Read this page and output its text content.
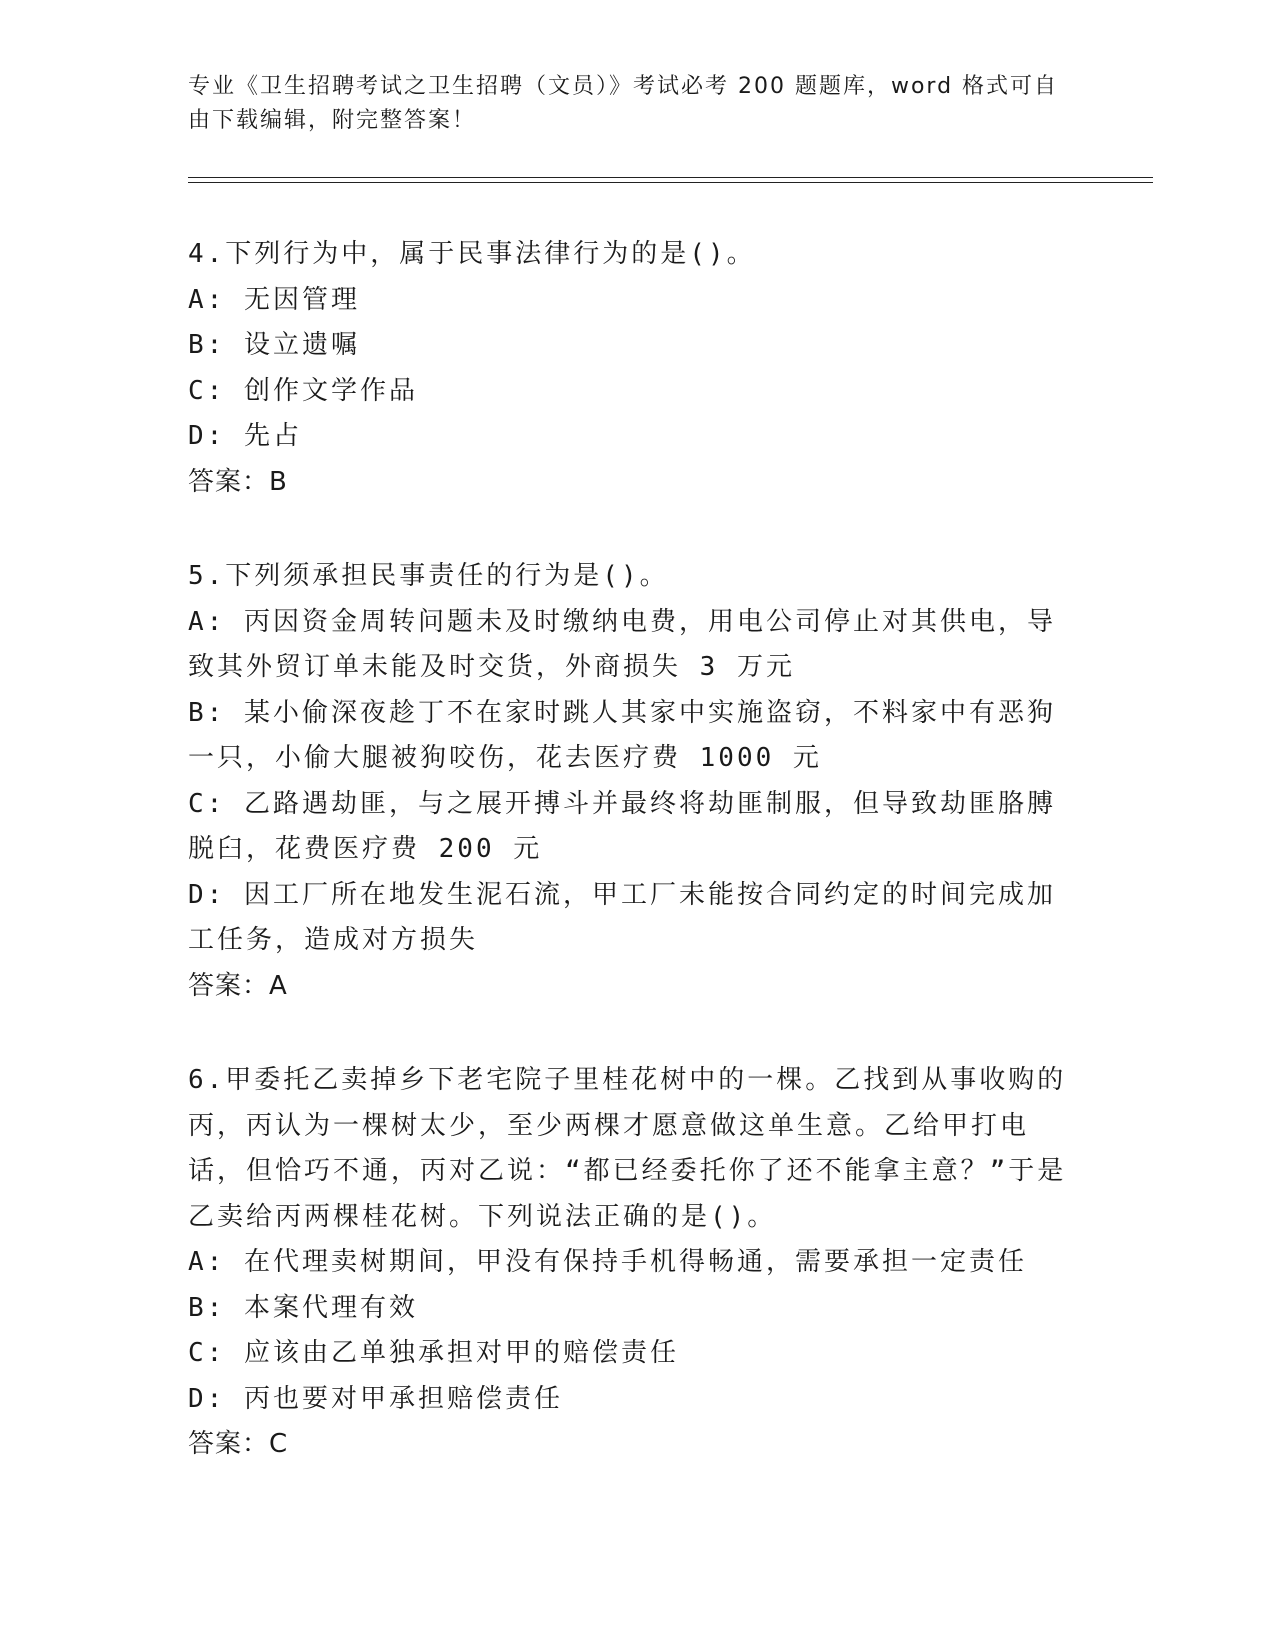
专业《卫生招聘考试之卫生招聘（文员）》考试必考 200 题题库，word 格式可自由下载编辑，附完整答案！

4.下列行为中，属于民事法律行为的是()。

A: 无因管理

B: 设立遗嘱

C: 创作文学作品

D: 先占

答案：B

5.下列须承担民事责任的行为是()。

A: 丙因资金周转问题未及时缴纳电费，用电公司停止对其供电，导致其外贸订单未能及时交货，外商损失 3 万元

B: 某小偷深夜趁丁不在家时跳人其家中实施盗窃，不料家中有恶狗一只，小偷大腿被狗咬伤，花去医疗费 1000 元

C: 乙路遇劫匪，与之展开搏斗并最终将劫匪制服，但导致劫匪胳膊脱臼，花费医疗费 200 元

D: 因工厂所在地发生泥石流，甲工厂未能按合同约定的时间完成加工任务，造成对方损失

答案：A

6.甲委托乙卖掉乡下老宅院子里桂花树中的一棵。乙找到从事收购的丙，丙认为一棵树太少，至少两棵才愿意做这单生意。乙给甲打电话，但恰巧不通，丙对乙说：“都已经委托你了还不能拿主意？”于是乙卖给丙两棵桂花树。下列说法正确的是()。

A: 在代理卖树期间，甲没有保持手机得畅通，需要承担一定责任

B: 本案代理有效

C: 应该由乙单独承担对甲的赔偿责任

D: 丙也要对甲承担赔偿责任

答案：C
